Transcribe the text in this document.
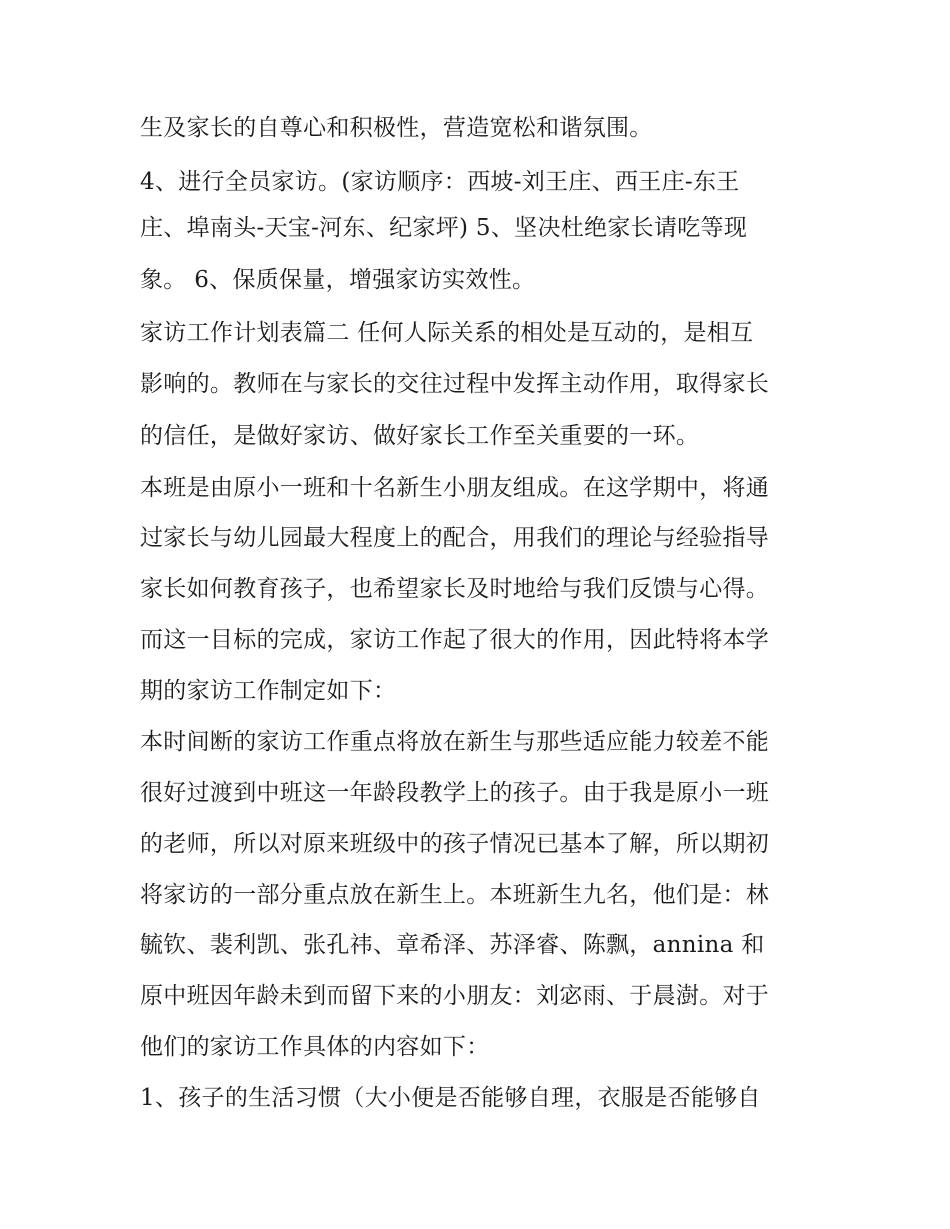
生及家长的自尊心和积极性，营造宽松和谐氛围。

4、进行全员家访。(家访顺序：西坡-刘王庄、西王庄-东王

庄、埠南头-天宝-河东、纪家坪) 5、坚决杜绝家长请吃等现

象。 6、保质保量，增强家访实效性。

家访工作计划表篇二 任何人际关系的相处是互动的，是相互

影响的。教师在与家长的交往过程中发挥主动作用，取得家长

的信任，是做好家访、做好家长工作至关重要的一环。

本班是由原小一班和十名新生小朋友组成。在这学期中，将通

过家长与幼儿园最大程度上的配合，用我们的理论与经验指导

家长如何教育孩子，也希望家长及时地给与我们反馈与心得。

而这一目标的完成，家访工作起了很大的作用，因此特将本学

期的家访工作制定如下：

本时间断的家访工作重点将放在新生与那些适应能力较差不能

很好过渡到中班这一年龄段教学上的孩子。由于我是原小一班

的老师，所以对原来班级中的孩子情况已基本了解，所以期初

将家访的一部分重点放在新生上。本班新生九名，他们是：林

毓钦、裴利凯、张孔祎、章希泽、苏泽睿、陈飘，annina 和

原中班因年龄未到而留下来的小朋友：刘宓雨、于晨澍。对于

他们的家访工作具体的内容如下：

1、孩子的生活习惯（大小便是否能够自理，衣服是否能够自
